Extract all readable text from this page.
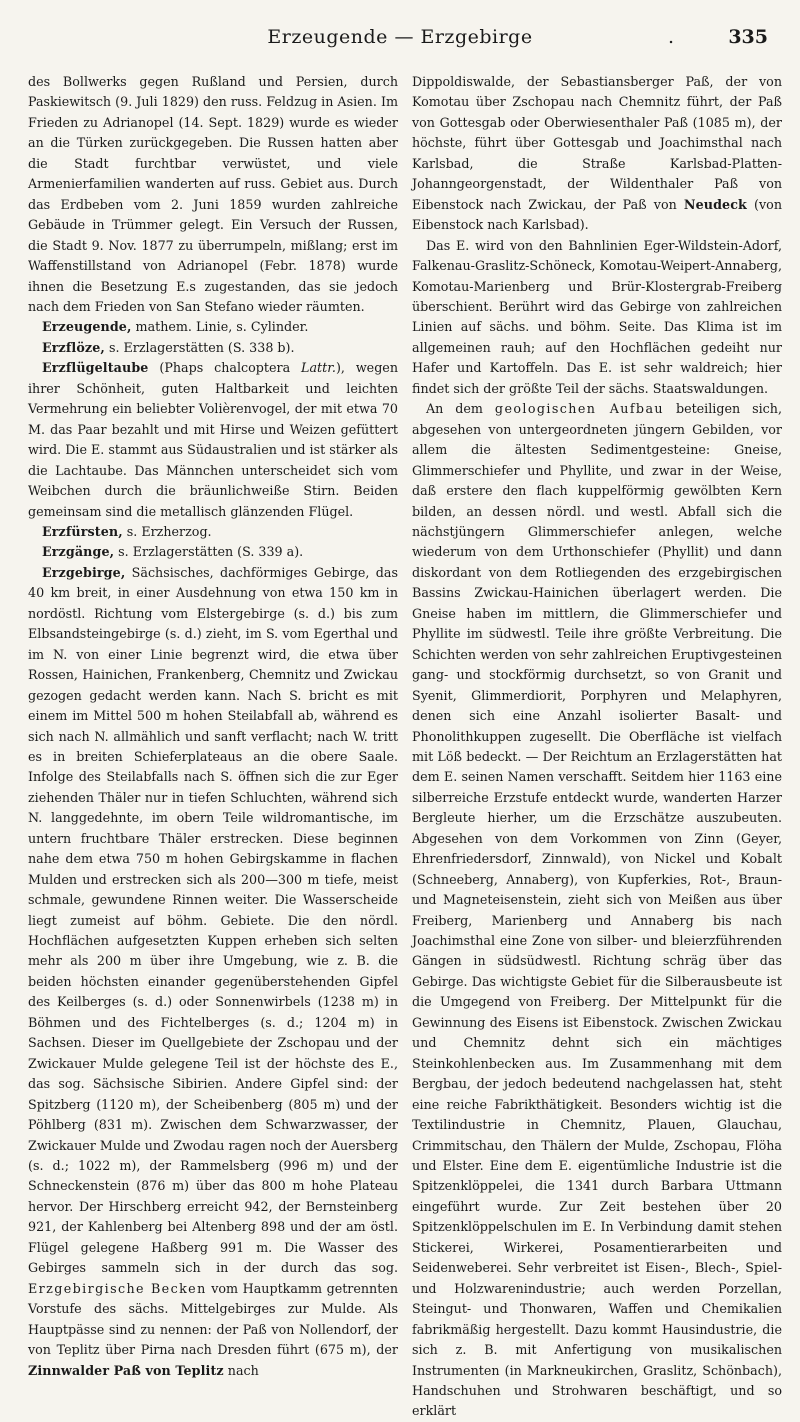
Erzeugende — Erzgebirge	.	335

des Bollwerks gegen Rußland und Persien, durch Paskiewitsch (9. Juli 1829) den russ. Feldzug in Asien. Im Frieden zu Adrianopel (14. Sept. 1829) wurde es wieder an die Türken zurückgegeben. Die Russen hatten aber die Stadt furchtbar verwüstet, und viele Armenierfamilien wanderten auf russ. Gebiet aus. Durch das Erdbeben vom 2. Juni 1859 wurden zahlreiche Gebäude in Trümmer gelegt. Ein Versuch der Russen, die Stadt 9. Nov. 1877 zu überrumpeln, mißlang; erst im Waffenstillstand von Adrianopel (Febr. 1878) wurde ihnen die Besetzung E.s zugestanden, das sie jedoch nach dem Frieden von San Stefano wieder räumten.

Erzeugende, mathem. Linie, s. Cylinder.

Erzflöze, s. Erzlagerstätten (S. 338 b).

Erzflügeltaube (Phaps chalcoptera Lattr.), wegen ihrer Schönheit, guten Haltbarkeit und leichten Vermehrung ein beliebter Volièrenvogel, der mit etwa 70 M. das Paar bezahlt und mit Hirse und Weizen gefüttert wird. Die E. stammt aus Südaustralien und ist stärker als die Lachtaube. Das Männchen unterscheidet sich vom Weibchen durch die bräunlichweiße Stirn. Beiden gemeinsam sind die metallisch glänzenden Flügel.

Erzfürsten, s. Erzherzog.

Erzgänge, s. Erzlagerstätten (S. 339 a).

Erzgebirge, Sächsisches, dachförmiges Gebirge, das 40 km breit, in einer Ausdehnung von etwa 150 km in nordöstl. Richtung vom Elstergebirge (s. d.) bis zum Elbsandsteingebirge (s. d.) zieht, im S. vom Egerthal und im N. von einer Linie begrenzt wird, die etwa über Rossen, Hainichen, Frankenberg, Chemnitz und Zwickau gezogen gedacht werden kann. Nach S. bricht es mit einem im Mittel 500 m hohen Steilabfall ab, während es sich nach N. allmählich und sanft verflacht; nach W. tritt es in breiten Schieferplateaus an die obere Saale. Infolge des Steilabfalls nach S. öffnen sich die zur Eger ziehenden Thäler nur in tiefen Schluchten, während sich N. langgedehnte, im obern Teile wildromantische, im untern fruchtbare Thäler erstrecken. Diese beginnen nahe dem etwa 750 m hohen Gebirgskamme in flachen Mulden und erstrecken sich als 200—300 m tiefe, meist schmale, gewundene Rinnen weiter. Die Wasserscheide liegt zumeist auf böhm. Gebiete. Die den nördl. Hochflächen aufgesetzten Kuppen erheben sich selten mehr als 200 m über ihre Umgebung, wie z. B. die beiden höchsten einander gegenüberstehenden Gipfel des Keilberges (s. d.) oder Sonnenwirbels (1238 m) in Böhmen und des Fichtelberges (s. d.; 1204 m) in Sachsen. Dieser im Quellgebiete der Zschopau und der Zwickauer Mulde gelegene Teil ist der höchste des E., das sog. Sächsische Sibirien. Andere Gipfel sind: der Spitzberg (1120 m), der Scheibenberg (805 m) und der Pöhlberg (831 m). Zwischen dem Schwarzwasser, der Zwickauer Mulde und Zwodau ragen noch der Auersberg (s. d.; 1022 m), der Rammelsberg (996 m) und der Schneckenstein (876 m) über das 800 m hohe Plateau hervor. Der Hirschberg erreicht 942, der Bernsteinberg 921, der Kahlenberg bei Altenberg 898 und der am östl. Flügel gelegene Haßberg 991 m. Die Wasser des Gebirges sammeln sich in der durch das sog. Erzgebirgische Becken vom Hauptkamm getrennten Vorstufe des sächs. Mittelgebirges zur Mulde. Als Hauptpässe sind zu nennen: der Paß von Nollendorf, der von Teplitz über Pirna nach Dresden führt (675 m), der Zinnwalder Paß von Teplitz nach

Dippoldiswalde, der Sebastiansberger Paß, der von Komotau über Zschopau nach Chemnitz führt, der Paß von Gottesgab oder Oberwiesenthaler Paß (1085 m), der höchste, führt über Gottesgab und Joachimsthal nach Karlsbad, die Straße Karlsbad-Platten-Johanngeorgenstadt, der Wildenthaler Paß von Eibenstock nach Zwickau, der Paß von Neudeck (von Eibenstock nach Karlsbad).

Das E. wird von den Bahnlinien Eger-Wildstein-Adorf, Falkenau-Graslitz-Schöneck, Komotau-Weipert-Annaberg, Komotau-Marienberg und Brür-Klostergrab-Freiberg überschient. Berührt wird das Gebirge von zahlreichen Linien auf sächs. und böhm. Seite. Das Klima ist im allgemeinen rauh; auf den Hochflächen gedeiht nur Hafer und Kartoffeln. Das E. ist sehr waldreich; hier findet sich der größte Teil der sächs. Staatswaldungen.

An dem geologischen Aufbau beteiligen sich, abgesehen von untergeordneten jüngern Gebilden, vor allem die ältesten Sedimentgesteine: Gneise, Glimmerschiefer und Phyllite, und zwar in der Weise, daß erstere den flach kuppelförmig gewölbten Kern bilden, an dessen nördl. und westl. Abfall sich die nächstjüngern Glimmerschiefer anlegen, welche wiederum von dem Urthonschiefer (Phyllit) und dann diskordant von dem Rotliegenden des erzgebirgischen Bassins Zwickau-Hainichen überlagert werden. Die Gneise haben im mittlern, die Glimmerschiefer und Phyllite im südwestl. Teile ihre größte Verbreitung. Die Schichten werden von sehr zahlreichen Eruptivgesteinen gang- und stockförmig durchsetzt, so von Granit und Syenit, Glimmerdiorit, Porphyren und Melaphyren, denen sich eine Anzahl isolierter Basalt- und Phonolithkuppen zugesellt. Die Oberfläche ist vielfach mit Löß bedeckt. — Der Reichtum an Erzlagerstätten hat dem E. seinen Namen verschafft. Seitdem hier 1163 eine silberreiche Erzstufe entdeckt wurde, wanderten Harzer Bergleute hierher, um die Erzschätze auszubeuten. Abgesehen von dem Vorkommen von Zinn (Geyer, Ehrenfriedersdorf, Zinnwald), von Nickel und Kobalt (Schneeberg, Annaberg), von Kupferkies, Rot-, Braun- und Magneteisenstein, zieht sich von Meißen aus über Freiberg, Marienberg und Annaberg bis nach Joachimsthal eine Zone von silber- und bleierzführenden Gängen in südsüdwestl. Richtung schräg über das Gebirge. Das wichtigste Gebiet für die Silberausbeute ist die Umgegend von Freiberg. Der Mittelpunkt für die Gewinnung des Eisens ist Eibenstock. Zwischen Zwickau und Chemnitz dehnt sich ein mächtiges Steinkohlenbecken aus. Im Zusammenhang mit dem Bergbau, der jedoch bedeutend nachgelassen hat, steht eine reiche Fabrikthätigkeit. Besonders wichtig ist die Textilindustrie in Chemnitz, Plauen, Glauchau, Crimmitschau, den Thälern der Mulde, Zschopau, Flöha und Elster. Eine dem E. eigentümliche Industrie ist die Spitzenklöppelei, die 1341 durch Barbara Uttmann eingeführt wurde. Zur Zeit bestehen über 20 Spitzenklöppelschulen im E. In Verbindung damit stehen Stickerei, Wirkerei, Posamentierarbeiten und Seidenweberei. Sehr verbreitet ist Eisen-, Blech-, Spiel- und Holzwarenindustrie; auch werden Porzellan, Steingut- und Thonwaren, Waffen und Chemikalien fabrikmäßig hergestellt. Dazu kommt Hausindustrie, die sich z. B. mit Anfertigung von musikalischen Instrumenten (in Markneukirchen, Graslitz, Schönbach), Handschuhen und Strohwaren beschäftigt, und so erklärt
